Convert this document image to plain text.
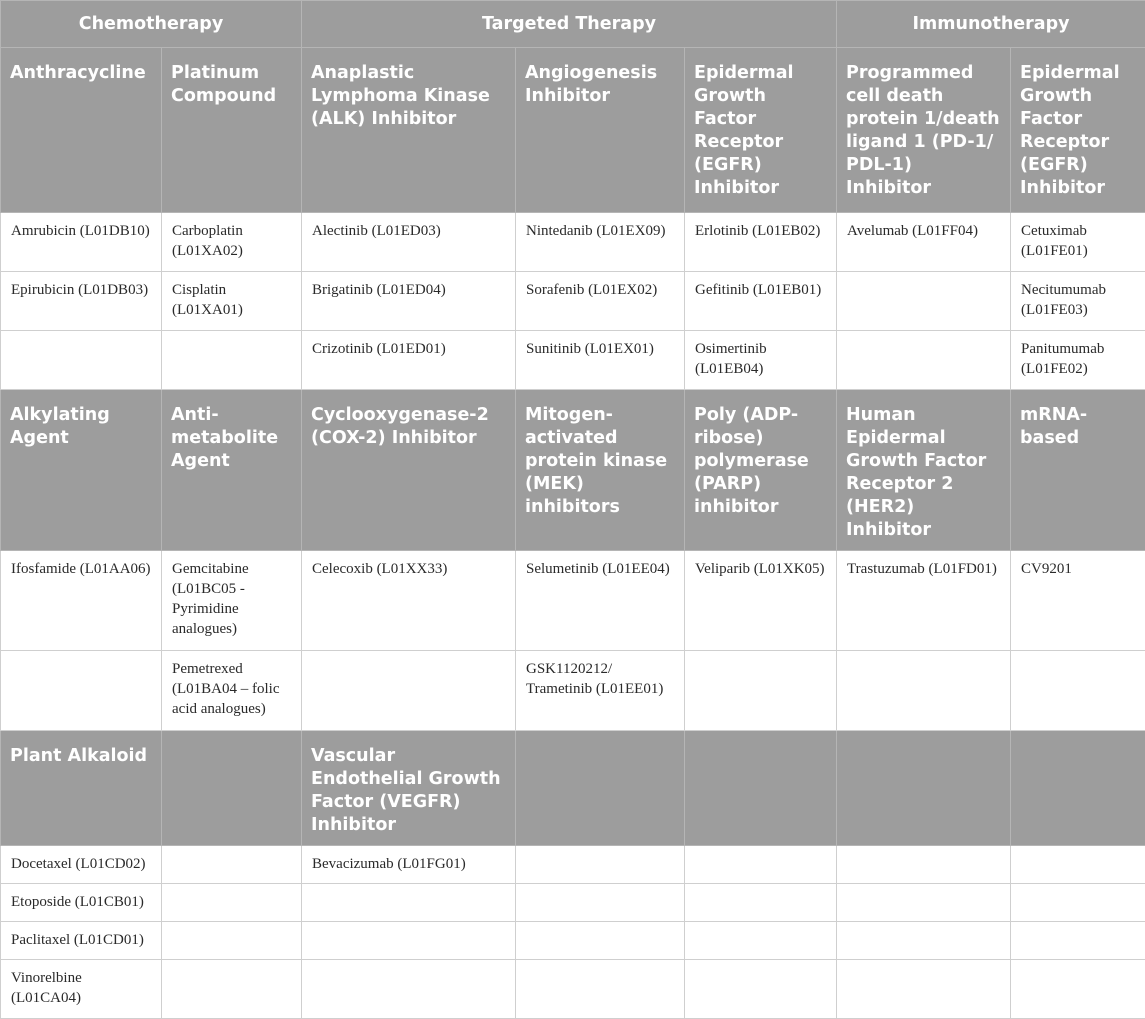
Chemotherapy		Targeted Therapy			Immunotherapy	
Anthracycline	Platinum Compound	Anaplastic Lymphoma Kinase (ALK) Inhibitor	Angiogenesis Inhibitor	Epidermal Growth Factor Receptor (EGFR) Inhibitor	Programmed cell death protein 1/death ligand 1 (PD-1/ PDL-1) Inhibitor	Epidermal Growth Factor Receptor (EGFR) Inhibitor
Amrubicin (L01DB10)	Carboplatin (L01XA02)	Alectinib (L01ED03)	Nintedanib (L01EX09)	Erlotinib (L01EB02)	Avelumab (L01FF04)	Cetuximab (L01FE01)
Epirubicin (L01DB03)	Cisplatin (L01XA01)	Brigatinib (L01ED04)	Sorafenib (L01EX02)	Gefitinib (L01EB01)		Necitumumab (L01FE03)
		Crizotinib (L01ED01)	Sunitinib (L01EX01)	Osimertinib (L01EB04)		Panitumumab (L01FE02)
Alkylating Agent	Anti-metabolite Agent	Cyclooxygenase-2 (COX-2) Inhibitor	Mitogen-activated protein kinase (MEK) inhibitors	Poly (ADP-ribose) polymerase (PARP) inhibitor	Human Epidermal Growth Factor Receptor 2 (HER2) Inhibitor	mRNA-based
Ifosfamide (L01AA06)	Gemcitabine (L01BC05 - Pyrimidine analogues)	Celecoxib (L01XX33)	Selumetinib (L01EE04)	Veliparib (L01XK05)	Trastuzumab (L01FD01)	CV9201
	Pemetrexed (L01BA04 – folic acid analogues)		GSK1120212/ Trametinib (L01EE01)			
Plant Alkaloid		Vascular Endothelial Growth Factor (VEGFR) Inhibitor				
Docetaxel (L01CD02)		Bevacizumab (L01FG01)				
Etoposide (L01CB01)						
Paclitaxel (L01CD01)						
Vinorelbine (L01CA04)						
